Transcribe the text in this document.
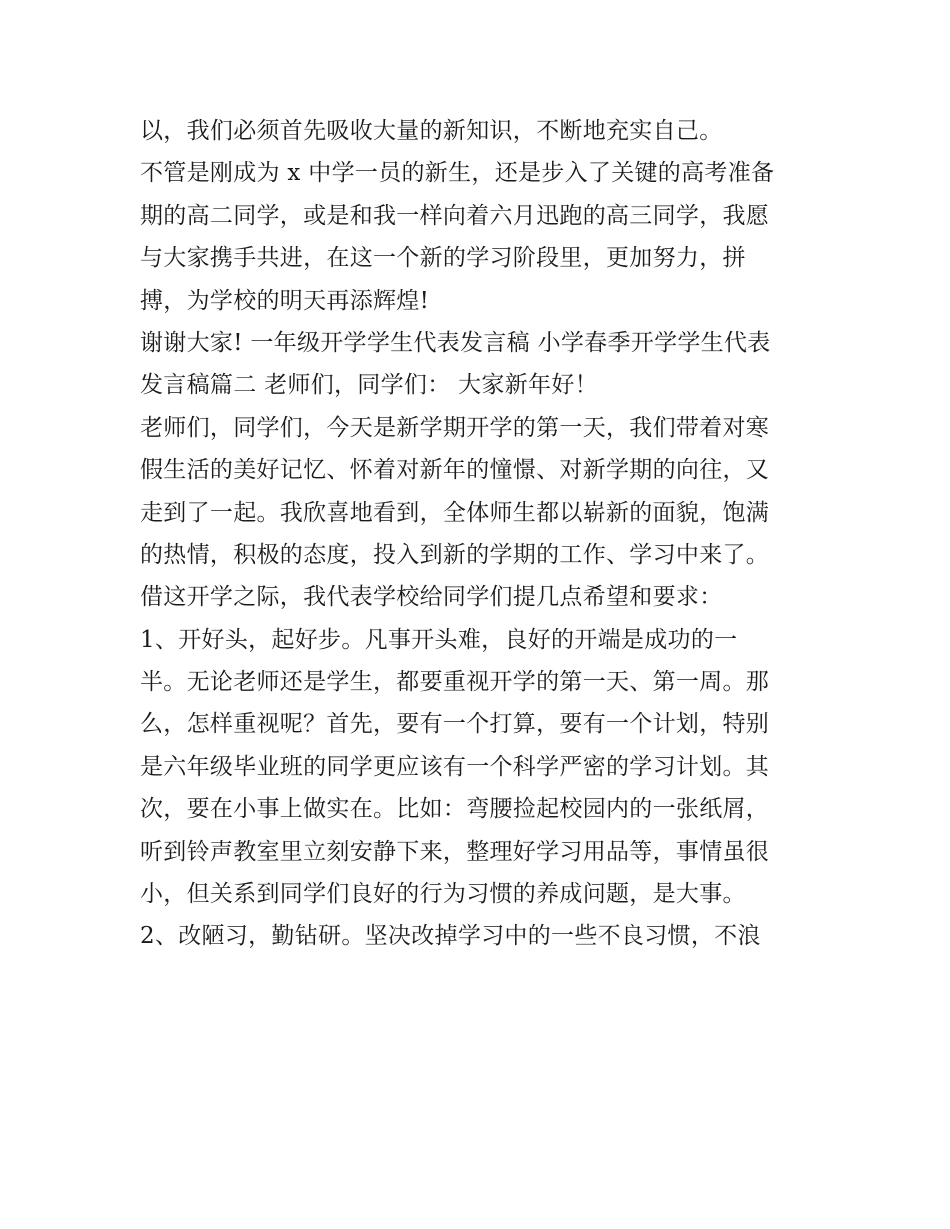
以，我们必须首先吸收大量的新知识，不断地充实自己。
不管是刚成为 x 中学一员的新生，还是步入了关键的高考准备
期的高二同学，或是和我一样向着六月迅跑的高三同学，我愿
与大家携手共进，在这一个新的学习阶段里，更加努力，拼
搏，为学校的明天再添辉煌!
谢谢大家! 一年级开学学生代表发言稿 小学春季开学学生代表
发言稿篇二 老师们，同学们： 大家新年好！
老师们，同学们，今天是新学期开学的第一天，我们带着对寒
假生活的美好记忆、怀着对新年的憧憬、对新学期的向往，又
走到了一起。我欣喜地看到，全体师生都以崭新的面貌，饱满
的热情，积极的态度，投入到新的学期的工作、学习中来了。
借这开学之际，我代表学校给同学们提几点希望和要求：
1、开好头，起好步。凡事开头难，良好的开端是成功的一
半。无论老师还是学生，都要重视开学的第一天、第一周。那
么，怎样重视呢？首先，要有一个打算，要有一个计划，特别
是六年级毕业班的同学更应该有一个科学严密的学习计划。其
次，要在小事上做实在。比如：弯腰捡起校园内的一张纸屑，
听到铃声教室里立刻安静下来，整理好学习用品等，事情虽很
小，但关系到同学们良好的行为习惯的养成问题，是大事。
2、改陋习，勤钻研。坚决改掉学习中的一些不良习惯，不浪
